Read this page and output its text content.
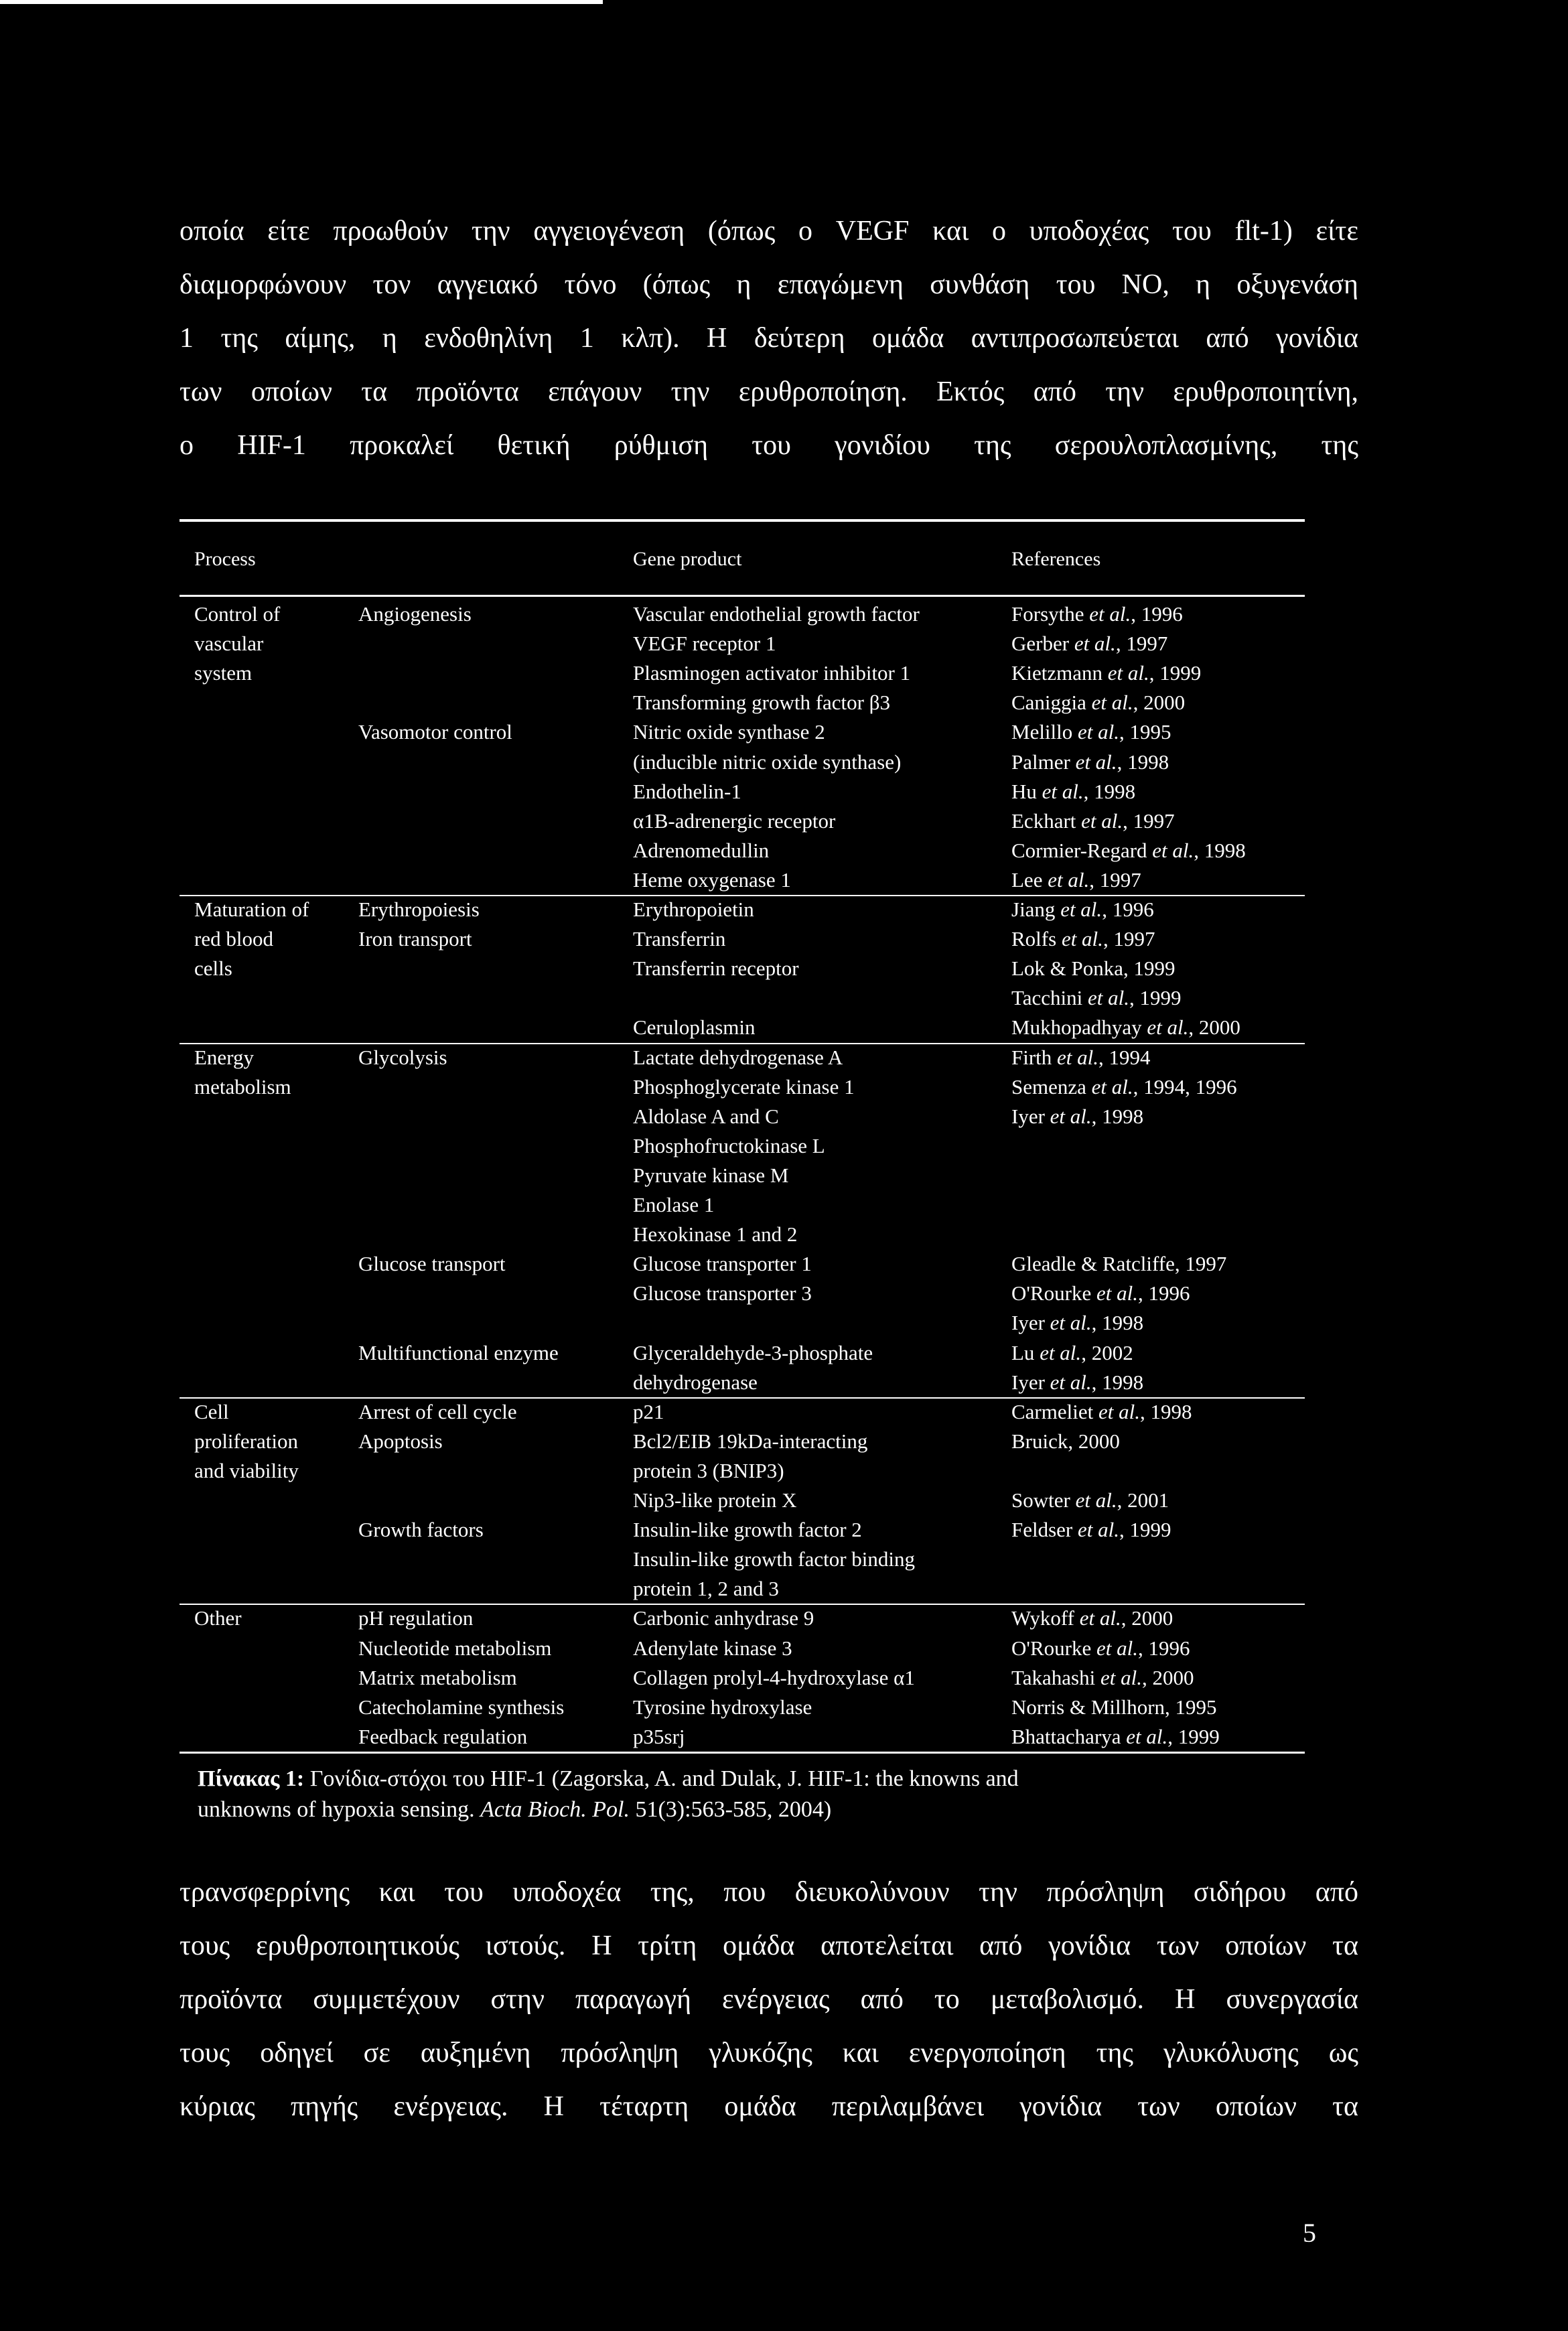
οποία είτε προωθούν την αγγειογένεση (όπως ο VEGF και ο υποδοχέας του flt-1) είτε
διαμορφώνουν τον αγγειακό τόνο (όπως η επαγώμενη συνθάση του NO, η οξυγενάση
1 της αίμης, η ενδοθηλίνη 1 κλπ). Η δεύτερη ομάδα αντιπροσωπεύεται από γονίδια
των οποίων τα προϊόντα επάγουν την ερυθροποίηση. Εκτός από την ερυθροποιητίνη,
ο HIF-1 προκαλεί θετική ρύθμιση του γονιδίου της σερουλοπλασμίνης, της
Process	Gene product	References
Control of
vascular
system
Angiogenesis	Vascular endothelial growth factor	Forsythe et al., 1996
VEGF receptor 1	Gerber et al., 1997
Plasminogen activator inhibitor 1	Kietzmann et al., 1999
Transforming growth factor β3	Caniggia et al., 2000
Vasomotor control	Nitric oxide synthase 2	Melillo et al., 1995
(inducible nitric oxide synthase)	Palmer et al., 1998
Endothelin-1	Hu et al., 1998
α1B-adrenergic receptor	Eckhart et al., 1997
Adrenomedullin	Cormier-Regard et al., 1998
Heme oxygenase 1	Lee et al., 1997
Maturation of
red blood
cells
Erythropoiesis	Erythropoietin	Jiang et al., 1996
Iron transport	Transferrin	Rolfs et al., 1997
Transferrin receptor	Lok & Ponka, 1999
Tacchini et al., 1999
Ceruloplasmin	Mukhopadhyay et al., 2000
Energy
metabolism
Glycolysis	Lactate dehydrogenase A	Firth et al., 1994
Phosphoglycerate kinase 1	Semenza et al., 1994, 1996
Aldolase A and C	Iyer et al., 1998
Phosphofructokinase L
Pyruvate kinase M
Enolase 1
Hexokinase 1 and 2
Glucose transport	Glucose transporter 1	Gleadle & Ratcliffe, 1997
Glucose transporter 3	O'Rourke et al., 1996
Iyer et al., 1998
Multifunctional enzyme	Glyceraldehyde-3-phosphate	Lu et al., 2002
dehydrogenase	Iyer et al., 1998
Cell
proliferation
and viability
Arrest of cell cycle	p21	Carmeliet et al., 1998
Apoptosis	Bcl2/EIB 19kDa-interacting	Bruick, 2000
protein 3 (BNIP3)
Nip3-like protein X	Sowter et al., 2001
Growth factors	Insulin-like growth factor 2	Feldser et al., 1999
Insulin-like growth factor binding
protein 1, 2 and 3
Other	pH regulation	Carbonic anhydrase 9	Wykoff et al., 2000
Nucleotide metabolism	Adenylate kinase 3	O'Rourke et al., 1996
Matrix metabolism	Collagen prolyl-4-hydroxylase α1	Takahashi et al., 2000
Catecholamine synthesis	Tyrosine hydroxylase	Norris & Millhorn, 1995
Feedback regulation	p35srj	Bhattacharya et al., 1999
Πίνακας 1: Γονίδια-στόχοι του HIF-1 (Zagorska, A. and Dulak, J. HIF-1: the knowns and
unknowns of hypoxia sensing. Acta Bioch. Pol. 51(3):563-585, 2004)
τρανσφερρίνης και του υποδοχέα της, που διευκολύνουν την πρόσληψη σιδήρου από
τους ερυθροποιητικούς ιστούς. Η τρίτη ομάδα αποτελείται από γονίδια των οποίων τα
προϊόντα συμμετέχουν στην παραγωγή ενέργειας από το μεταβολισμό. Η συνεργασία
τους οδηγεί σε αυξημένη πρόσληψη γλυκόζης και ενεργοποίηση της γλυκόλυσης ως
κύριας πηγής ενέργειας. Η τέταρτη ομάδα περιλαμβάνει γονίδια των οποίων τα
5
